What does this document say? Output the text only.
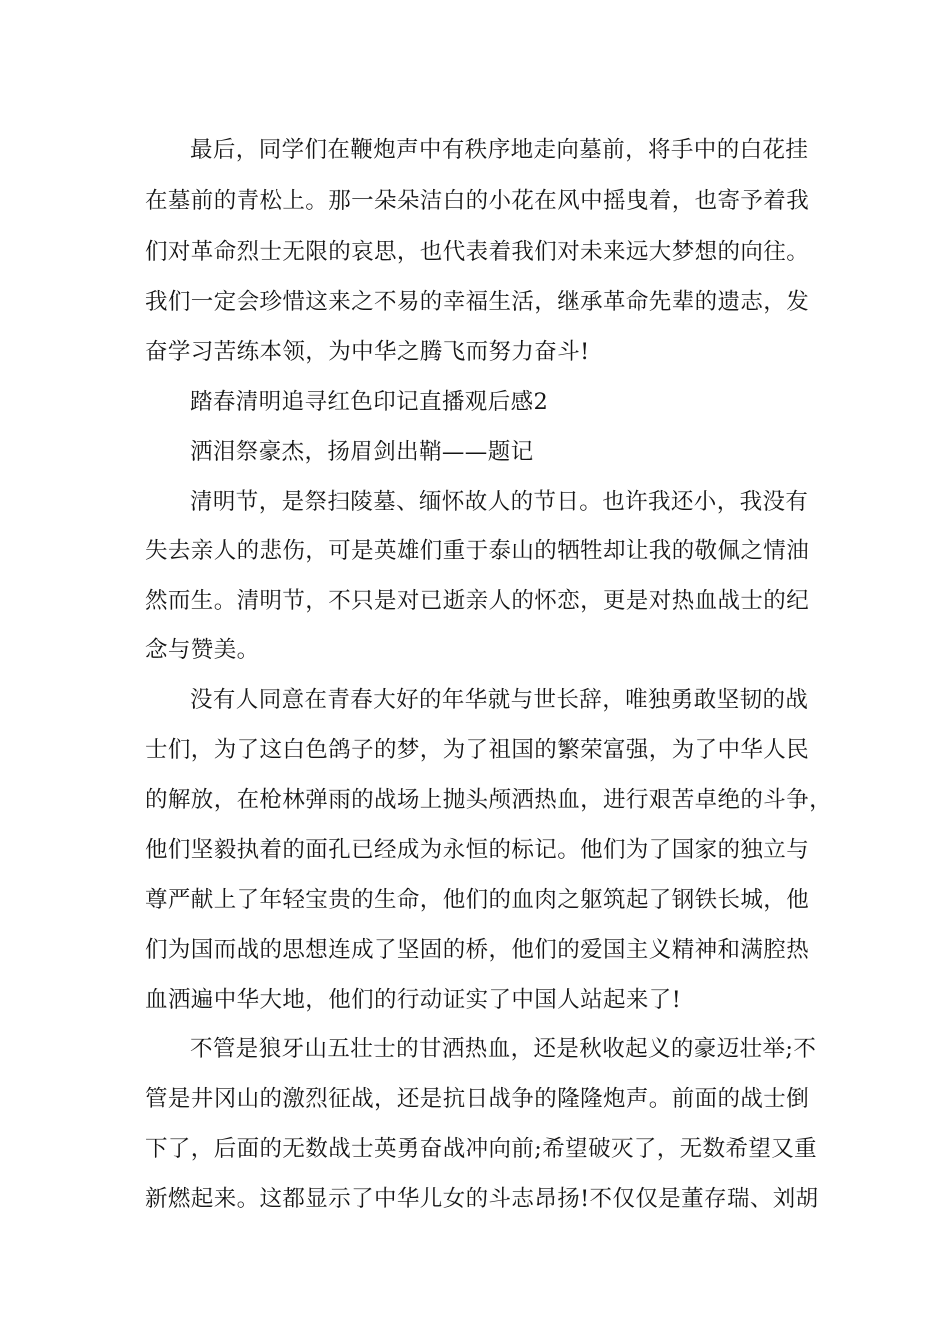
最后，同学们在鞭炮声中有秩序地走向墓前，将手中的白花挂
在墓前的青松上。那一朵朵洁白的小花在风中摇曳着，也寄予着我
们对革命烈士无限的哀思，也代表着我们对未来远大梦想的向往。
我们一定会珍惜这来之不易的幸福生活，继承革命先辈的遗志，发
奋学习苦练本领，为中华之腾飞而努力奋斗!
踏春清明追寻红色印记直播观后感2
洒泪祭豪杰，扬眉剑出鞘——题记
清明节，是祭扫陵墓、缅怀故人的节日。也许我还小，我没有
失去亲人的悲伤，可是英雄们重于泰山的牺牲却让我的敬佩之情油
然而生。清明节，不只是对已逝亲人的怀恋，更是对热血战士的纪
念与赞美。
没有人同意在青春大好的年华就与世长辞，唯独勇敢坚韧的战
士们，为了这白色鸽子的梦，为了祖国的繁荣富强，为了中华人民
的解放，在枪林弹雨的战场上抛头颅洒热血，进行艰苦卓绝的斗争，
他们坚毅执着的面孔已经成为永恒的标记。他们为了国家的独立与
尊严献上了年轻宝贵的生命，他们的血肉之躯筑起了钢铁长城，他
们为国而战的思想连成了坚固的桥，他们的爱国主义精神和满腔热
血洒遍中华大地，他们的行动证实了中国人站起来了!
不管是狼牙山五壮士的甘洒热血，还是秋收起义的豪迈壮举;不
管是井冈山的激烈征战，还是抗日战争的隆隆炮声。前面的战士倒
下了，后面的无数战士英勇奋战冲向前;希望破灭了，无数希望又重
新燃起来。这都显示了中华儿女的斗志昂扬!不仅仅是董存瑞、刘胡
